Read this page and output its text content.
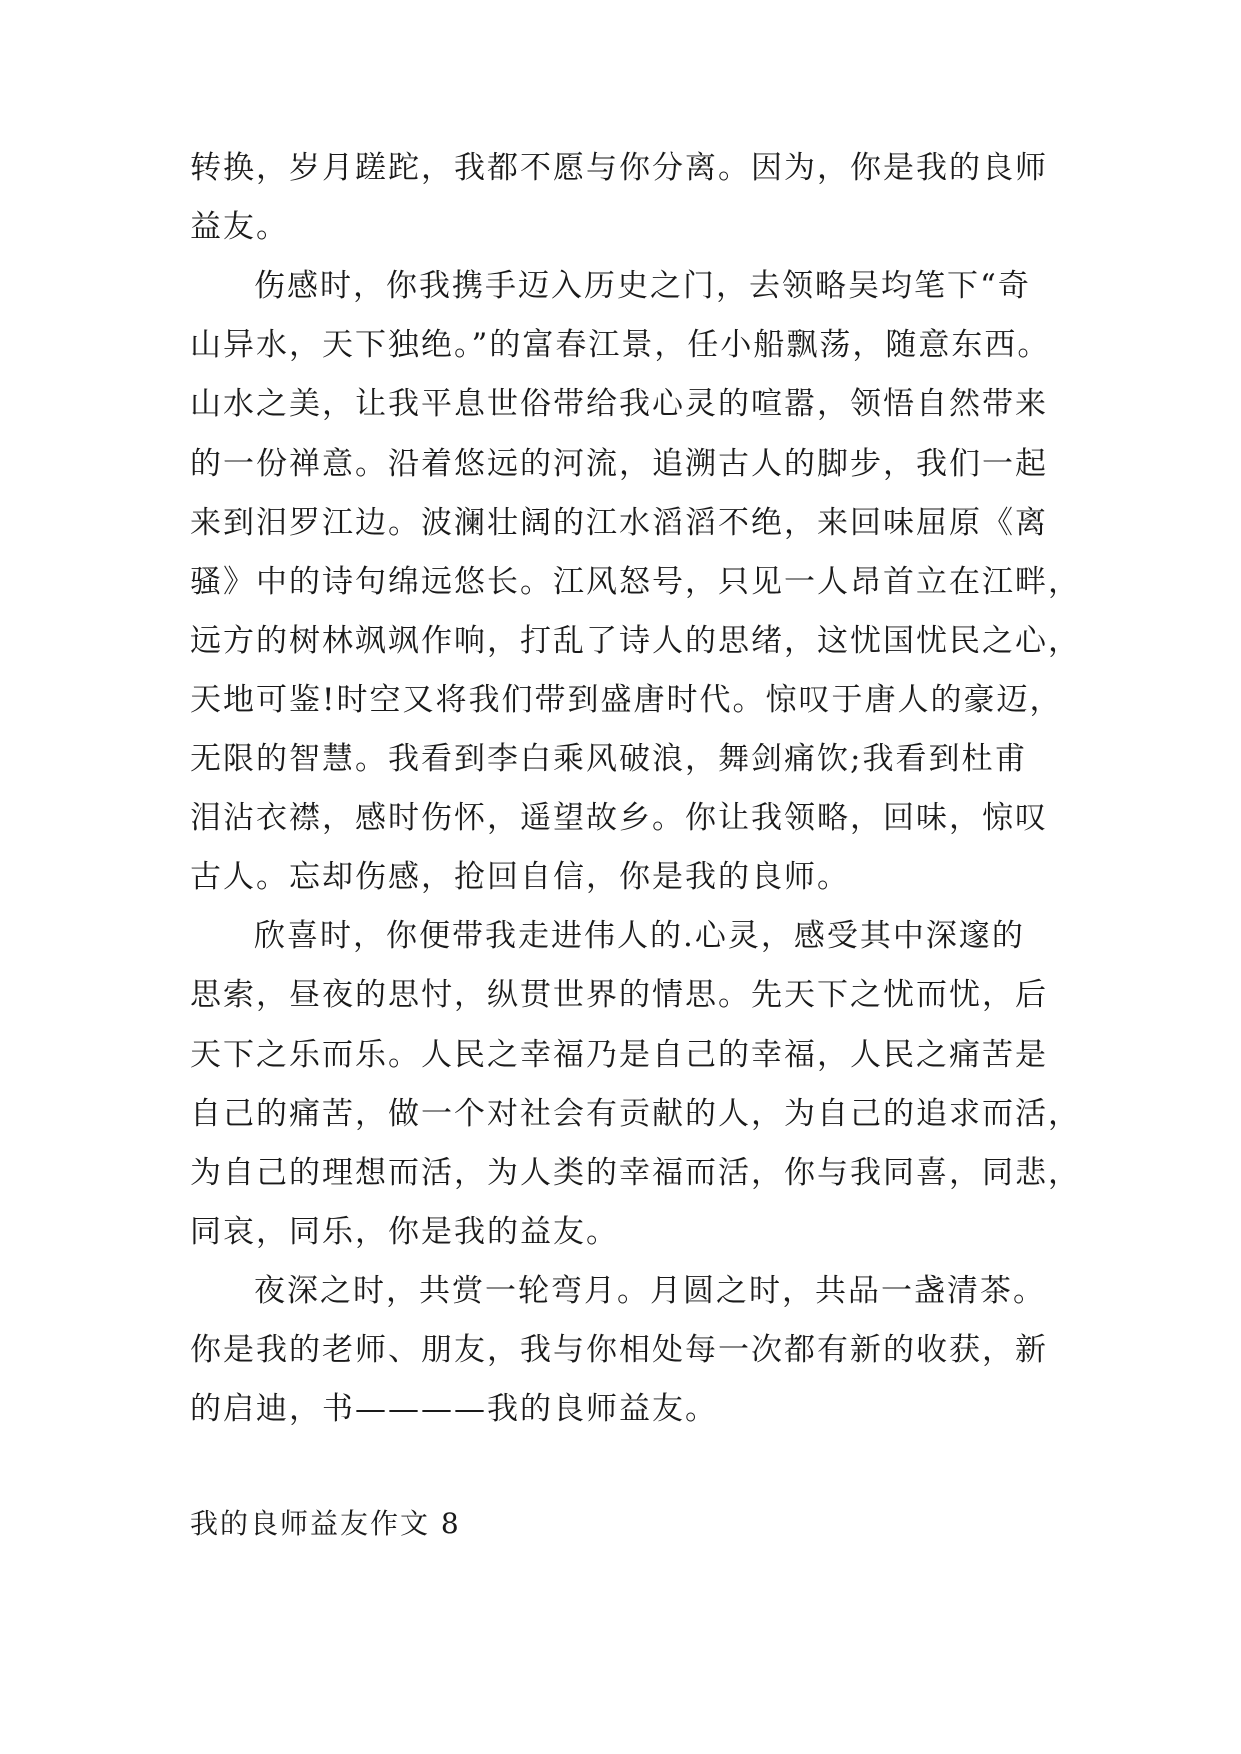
转换，岁月蹉跎，我都不愿与你分离。因为，你是我的良师
益友。
伤感时，你我携手迈入历史之门，去领略吴均笔下“奇
山异水，天下独绝。”的富春江景，任小船飘荡，随意东西。
山水之美，让我平息世俗带给我心灵的喧嚣，领悟自然带来
的一份禅意。沿着悠远的河流，追溯古人的脚步，我们一起
来到汨罗江边。波澜壮阔的江水滔滔不绝，来回味屈原《离
骚》中的诗句绵远悠长。江风怒号，只见一人昂首立在江畔，
远方的树林飒飒作响，打乱了诗人的思绪，这忧国忧民之心，
天地可鉴!时空又将我们带到盛唐时代。惊叹于唐人的豪迈，
无限的智慧。我看到李白乘风破浪，舞剑痛饮;我看到杜甫
泪沾衣襟，感时伤怀，遥望故乡。你让我领略，回味，惊叹
古人。忘却伤感，抢回自信，你是我的良师。
欣喜时，你便带我走进伟人的.心灵，感受其中深邃的
思索，昼夜的思忖，纵贯世界的情思。先天下之忧而忧，后
天下之乐而乐。人民之幸福乃是自己的幸福，人民之痛苦是
自己的痛苦，做一个对社会有贡献的人，为自己的追求而活，
为自己的理想而活，为人类的幸福而活，你与我同喜，同悲，
同哀，同乐，你是我的益友。
夜深之时，共赏一轮弯月。月圆之时，共品一盏清茶。
你是我的老师、朋友，我与你相处每一次都有新的收获，新
的启迪，书————我的良师益友。
我的良师益友作文 8
